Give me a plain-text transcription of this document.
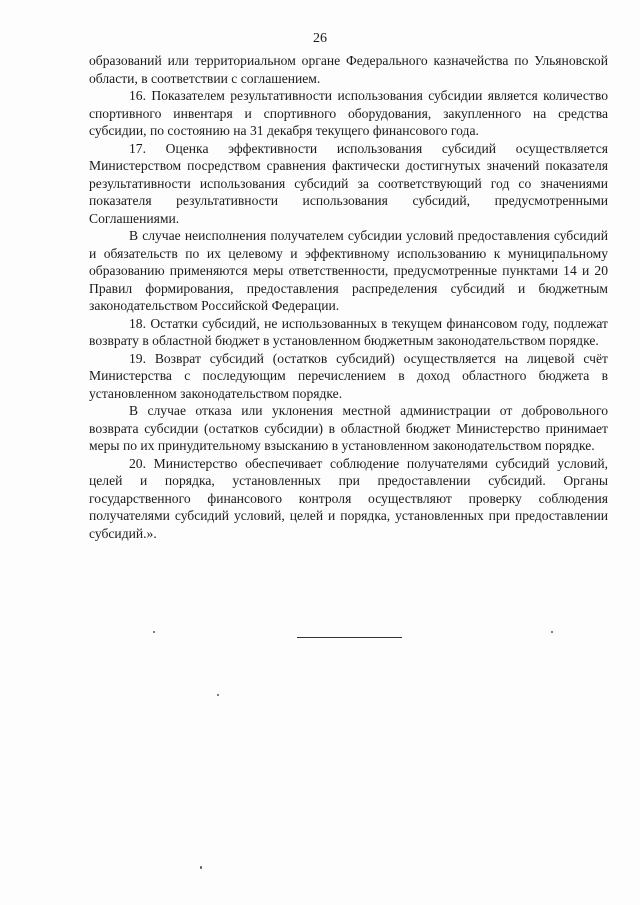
26

образований или территориальном органе Федерального казначейства по Ульяновской области, в соответствии с соглашением.

16. Показателем результативности использования субсидии является количество спортивного инвентаря и спортивного оборудования, закупленного на средства субсидии, по состоянию на 31 декабря текущего финансового года.

17. Оценка эффективности использования субсидий осуществляется Министерством посредством сравнения фактически достигнутых значений показателя результативности использования субсидий за соответствующий год со значениями показателя результативности использования субсидий, предусмотренными Соглашениями.

В случае неисполнения получателем субсидии условий предоставления субсидий и обязательств по их целевому и эффективному использованию к муниципальному образованию применяются меры ответственности, предусмотренные пунктами 14 и 20 Правил формирования, предоставления распределения субсидий и бюджетным законодательством Российской Федерации.

18. Остатки субсидий, не использованных в текущем финансовом году, подлежат возврату в областной бюджет в установленном бюджетным законодательством порядке.

19. Возврат субсидий (остатков субсидий) осуществляется на лицевой счёт Министерства с последующим перечислением в доход областного бюджета в установленном законодательством порядке.

В случае отказа или уклонения местной администрации от добровольного возврата субсидии (остатков субсидии) в областной бюджет Министерство принимает меры по их принудительному взысканию в установленном законодательством порядке.

20. Министерство обеспечивает соблюдение получателями субсидий условий, целей и порядка, установленных при предоставлении субсидий. Органы государственного финансового контроля осуществляют проверку соблюдения получателями субсидий условий, целей и порядка, установленных при предоставлении субсидий.».
